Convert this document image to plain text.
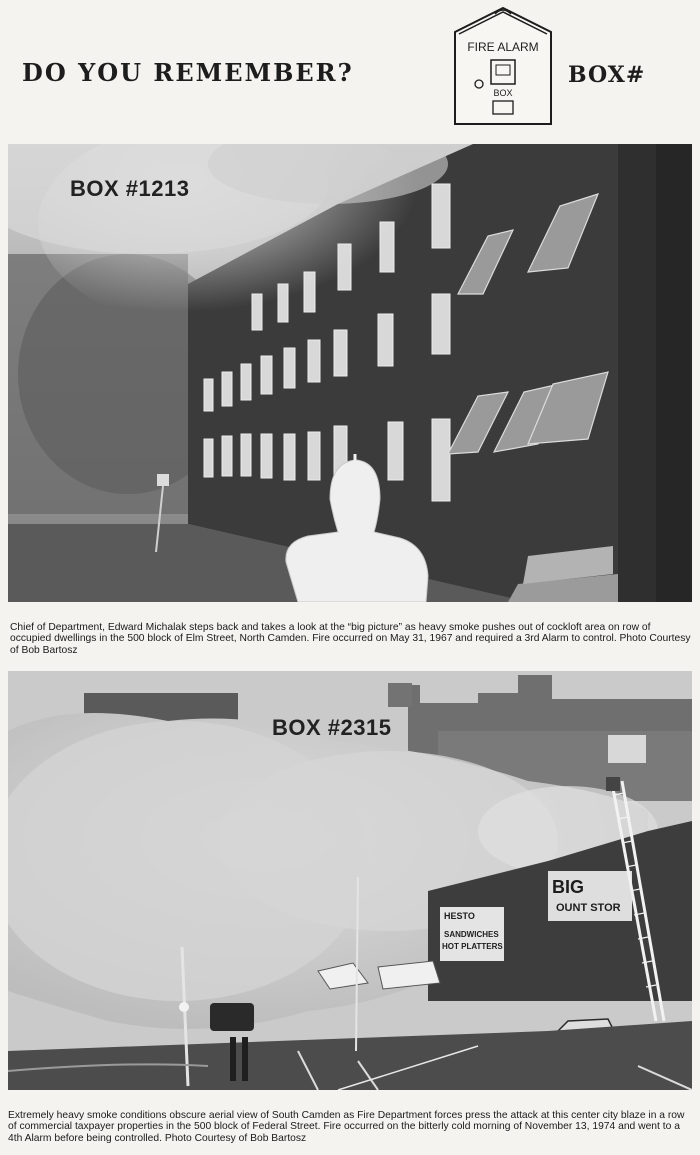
DO YOU REMEMBER?
FIRE ALARM
BOX
BOX#
BOX #1213

Chief of Department, Edward Michalak steps back and takes a look at the “big picture” as heavy smoke pushes out of cockloft area on row of occupied dwellings in the 500 block of Elm Street, North Camden. Fire occurred on May 31, 1967 and required a 3rd Alarm to control. Photo Courtesy of Bob Bartosz

BIG
OUNT STOR
HESTO
SANDWICHES
HOT PLATTERS
BOX #2315

Extremely heavy smoke conditions obscure aerial view of South Camden as Fire Department forces press the attack at this center city blaze in a row of commercial taxpayer properties in the 500 block of Federal Street. Fire occurred on the bitterly cold morning of November 13, 1974 and went to a 4th Alarm before being controlled. Photo Courtesy of Bob Bartosz
